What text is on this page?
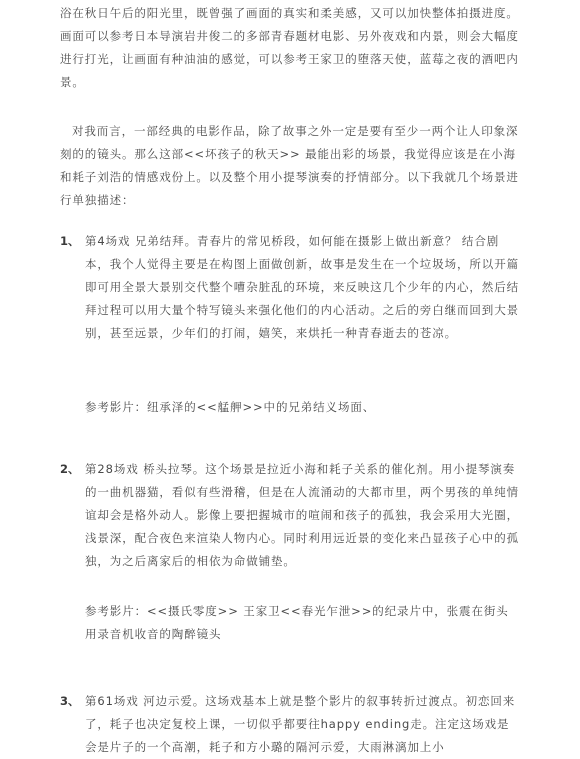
浴在秋日午后的阳光里，既曾强了画面的真实和柔美感，又可以加快整体拍摄进度。画面可以参考日本导演岩井俊二的多部青春题材电影、另外夜戏和内景，则会大幅度进行打光，让画面有种油油的感觉，可以参考王家卫的堕落天使，蓝莓之夜的酒吧内景。

对我而言，一部经典的电影作品，除了故事之外一定是要有至少一两个让人印象深刻的的镜头。那么这部<<坏孩子的秋天>> 最能出彩的场景，我觉得应该是在小海和耗子刘浩的情感戏份上。以及整个用小提琴演奏的抒情部分。以下我就几个场景进行单独描述：

1、 第4场戏 兄弟结拜。青春片的常见桥段，如何能在摄影上做出新意？ 结合剧本，我个人觉得主要是在构图上面做创新，故事是发生在一个垃圾场，所以开篇即可用全景大景别交代整个嘈杂脏乱的环境，来反映这几个少年的内心，然后结拜过程可以用大量个特写镜头来强化他们的内心活动。之后的旁白继而回到大景别，甚至远景，少年们的打闹，嬉笑，来烘托一种青春逝去的苍凉。
参考影片：纽承泽的<<艋舺>>中的兄弟结义场面、
2、 第28场戏 桥头拉琴。这个场景是拉近小海和耗子关系的催化剂。用小提琴演奏的一曲机器猫，看似有些滑稽，但是在人流涌动的大都市里，两个男孩的单纯情谊却会是格外动人。影像上要把握城市的喧闹和孩子的孤独，我会采用大光圈，浅景深，配合夜色来渲染人物内心。同时利用远近景的变化来凸显孩子心中的孤独，为之后离家后的相依为命做铺垫。
参考影片：<<摄氏零度>> 王家卫<<春光乍泄>>的纪录片中，张震在街头用录音机收音的陶醉镜头
3、 第61场戏 河边示爱。这场戏基本上就是整个影片的叙事转折过渡点。初恋回来了，耗子也决定复校上课，一切似乎都要往happy ending走。注定这场戏是会是片子的一个高潮，耗子和方小璐的隔河示爱，大雨淋漓加上小
